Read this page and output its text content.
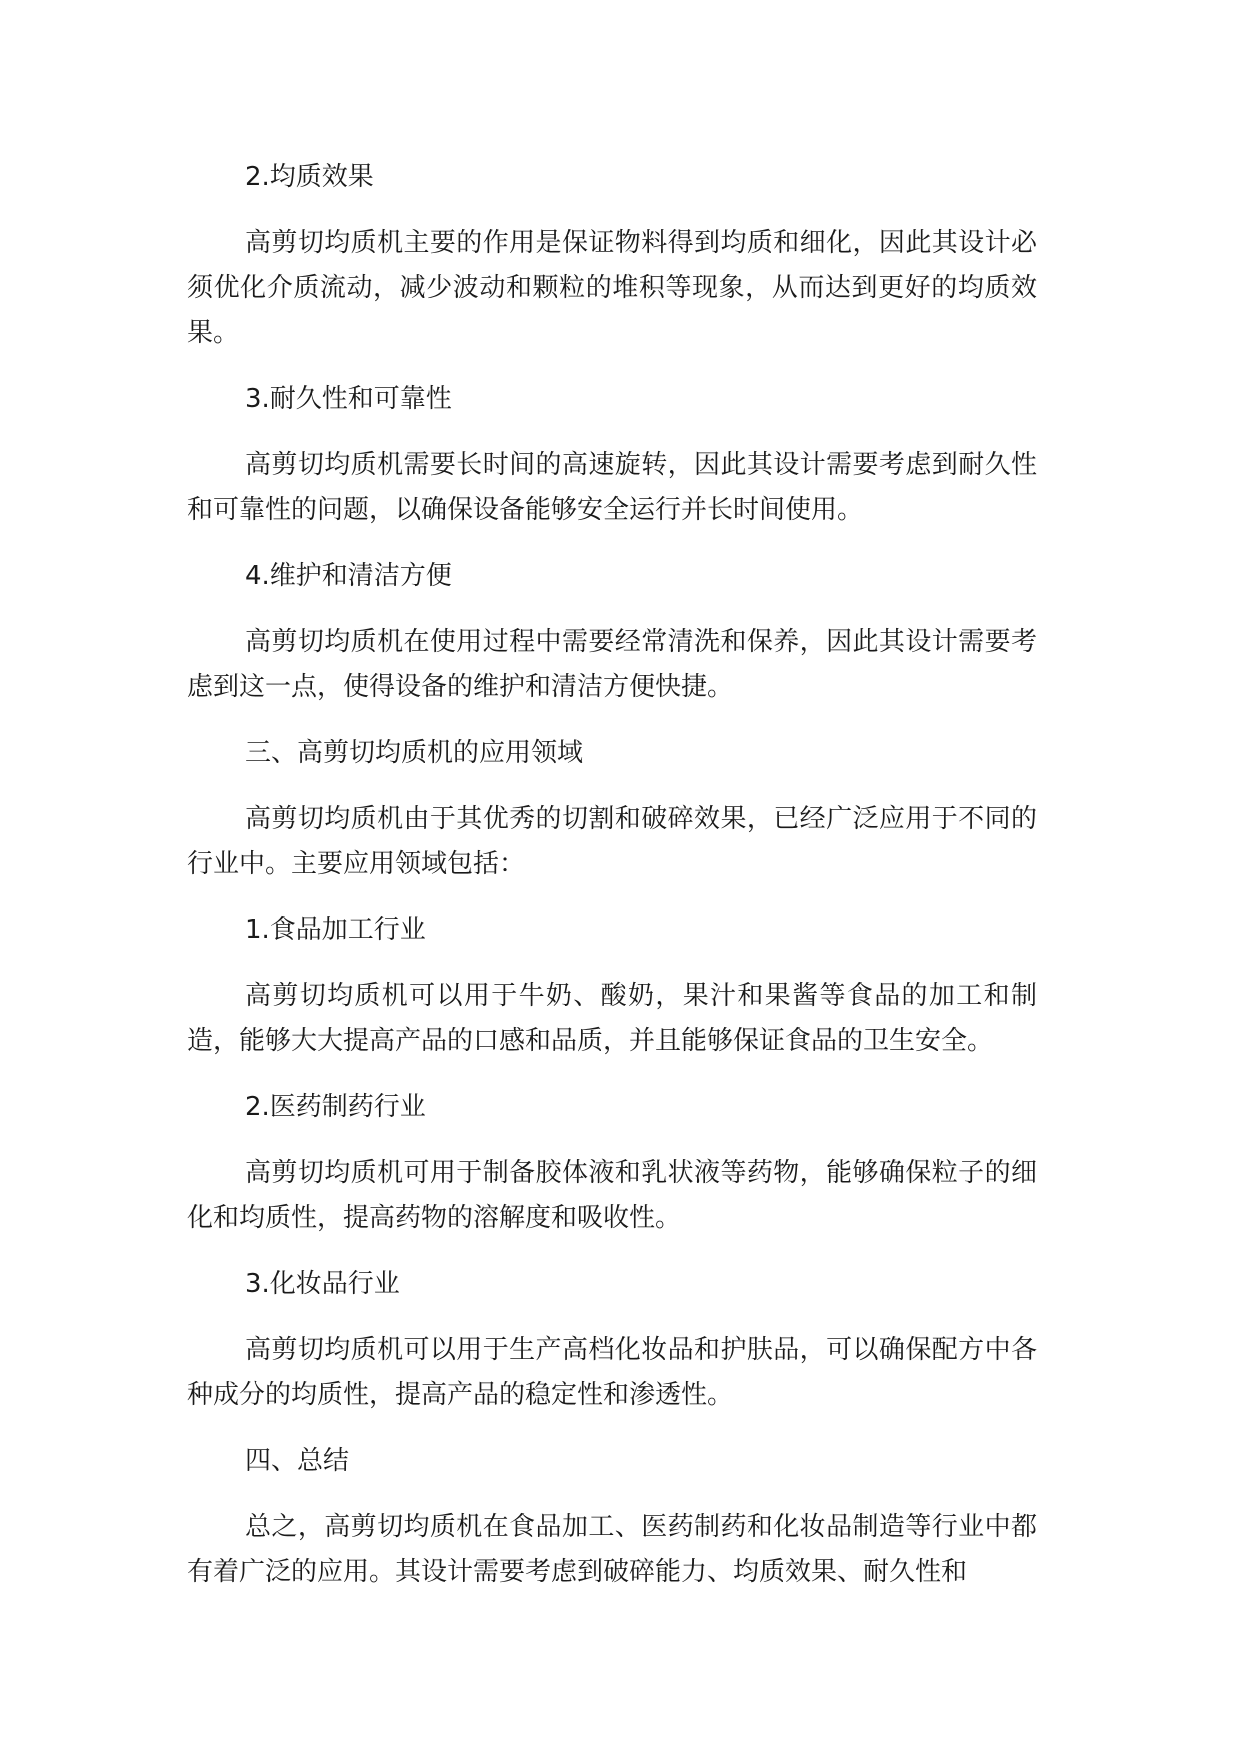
2.均质效果

高剪切均质机主要的作用是保证物料得到均质和细化，因此其设计必须优化介质流动，减少波动和颗粒的堆积等现象，从而达到更好的均质效果。

3.耐久性和可靠性

高剪切均质机需要长时间的高速旋转，因此其设计需要考虑到耐久性和可靠性的问题，以确保设备能够安全运行并长时间使用。

4.维护和清洁方便

高剪切均质机在使用过程中需要经常清洗和保养，因此其设计需要考虑到这一点，使得设备的维护和清洁方便快捷。

三、高剪切均质机的应用领域

高剪切均质机由于其优秀的切割和破碎效果，已经广泛应用于不同的行业中。主要应用领域包括：

1.食品加工行业

高剪切均质机可以用于牛奶、酸奶，果汁和果酱等食品的加工和制造，能够大大提高产品的口感和品质，并且能够保证食品的卫生安全。

2.医药制药行业

高剪切均质机可用于制备胶体液和乳状液等药物，能够确保粒子的细化和均质性，提高药物的溶解度和吸收性。

3.化妆品行业

高剪切均质机可以用于生产高档化妆品和护肤品，可以确保配方中各种成分的均质性，提高产品的稳定性和渗透性。

四、总结

总之，高剪切均质机在食品加工、医药制药和化妆品制造等行业中都有着广泛的应用。其设计需要考虑到破碎能力、均质效果、耐久性和
